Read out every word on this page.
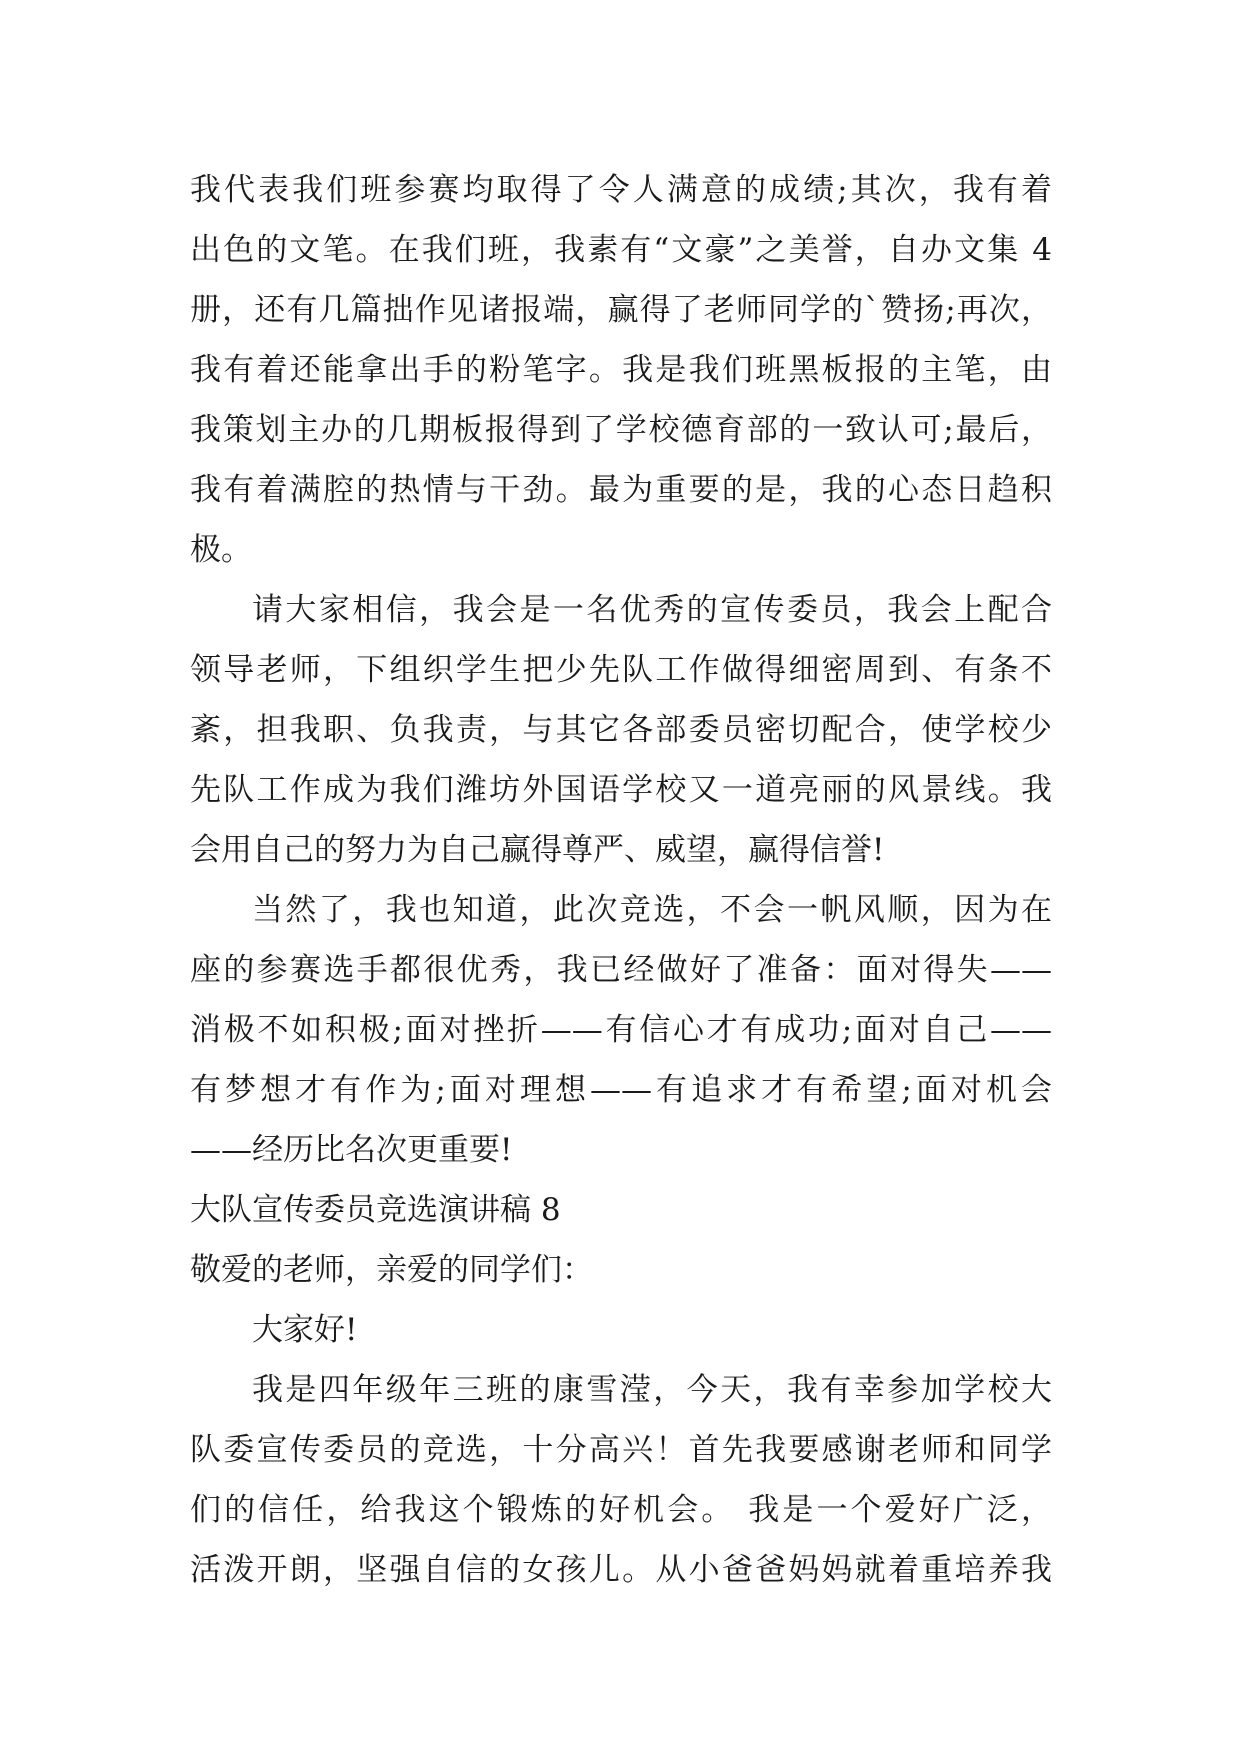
我代表我们班参赛均取得了令人满意的成绩;其次，我有着
出色的文笔。在我们班，我素有“文豪”之美誉，自办文集 4
册，还有几篇拙作见诸报端，赢得了老师同学的`赞扬;再次，
我有着还能拿出手的粉笔字。我是我们班黑板报的主笔，由
我策划主办的几期板报得到了学校德育部的一致认可;最后，
我有着满腔的热情与干劲。最为重要的是，我的心态日趋积
极。
请大家相信，我会是一名优秀的宣传委员，我会上配合
领导老师，下组织学生把少先队工作做得细密周到、有条不
紊，担我职、负我责，与其它各部委员密切配合，使学校少
先队工作成为我们潍坊外国语学校又一道亮丽的风景线。我
会用自己的努力为自己赢得尊严、威望，赢得信誉!
当然了，我也知道，此次竞选，不会一帆风顺，因为在
座的参赛选手都很优秀，我已经做好了准备：面对得失——
消极不如积极;面对挫折——有信心才有成功;面对自己——
有梦想才有作为;面对理想——有追求才有希望;面对机会
——经历比名次更重要!
大队宣传委员竞选演讲稿 8
敬爱的老师，亲爱的同学们：
大家好!
我是四年级年三班的康雪滢，今天，我有幸参加学校大
队委宣传委员的竞选，十分高兴！首先我要感谢老师和同学
们的信任，给我这个锻炼的好机会。 我是一个爱好广泛，
活泼开朗，坚强自信的女孩儿。从小爸爸妈妈就着重培养我
